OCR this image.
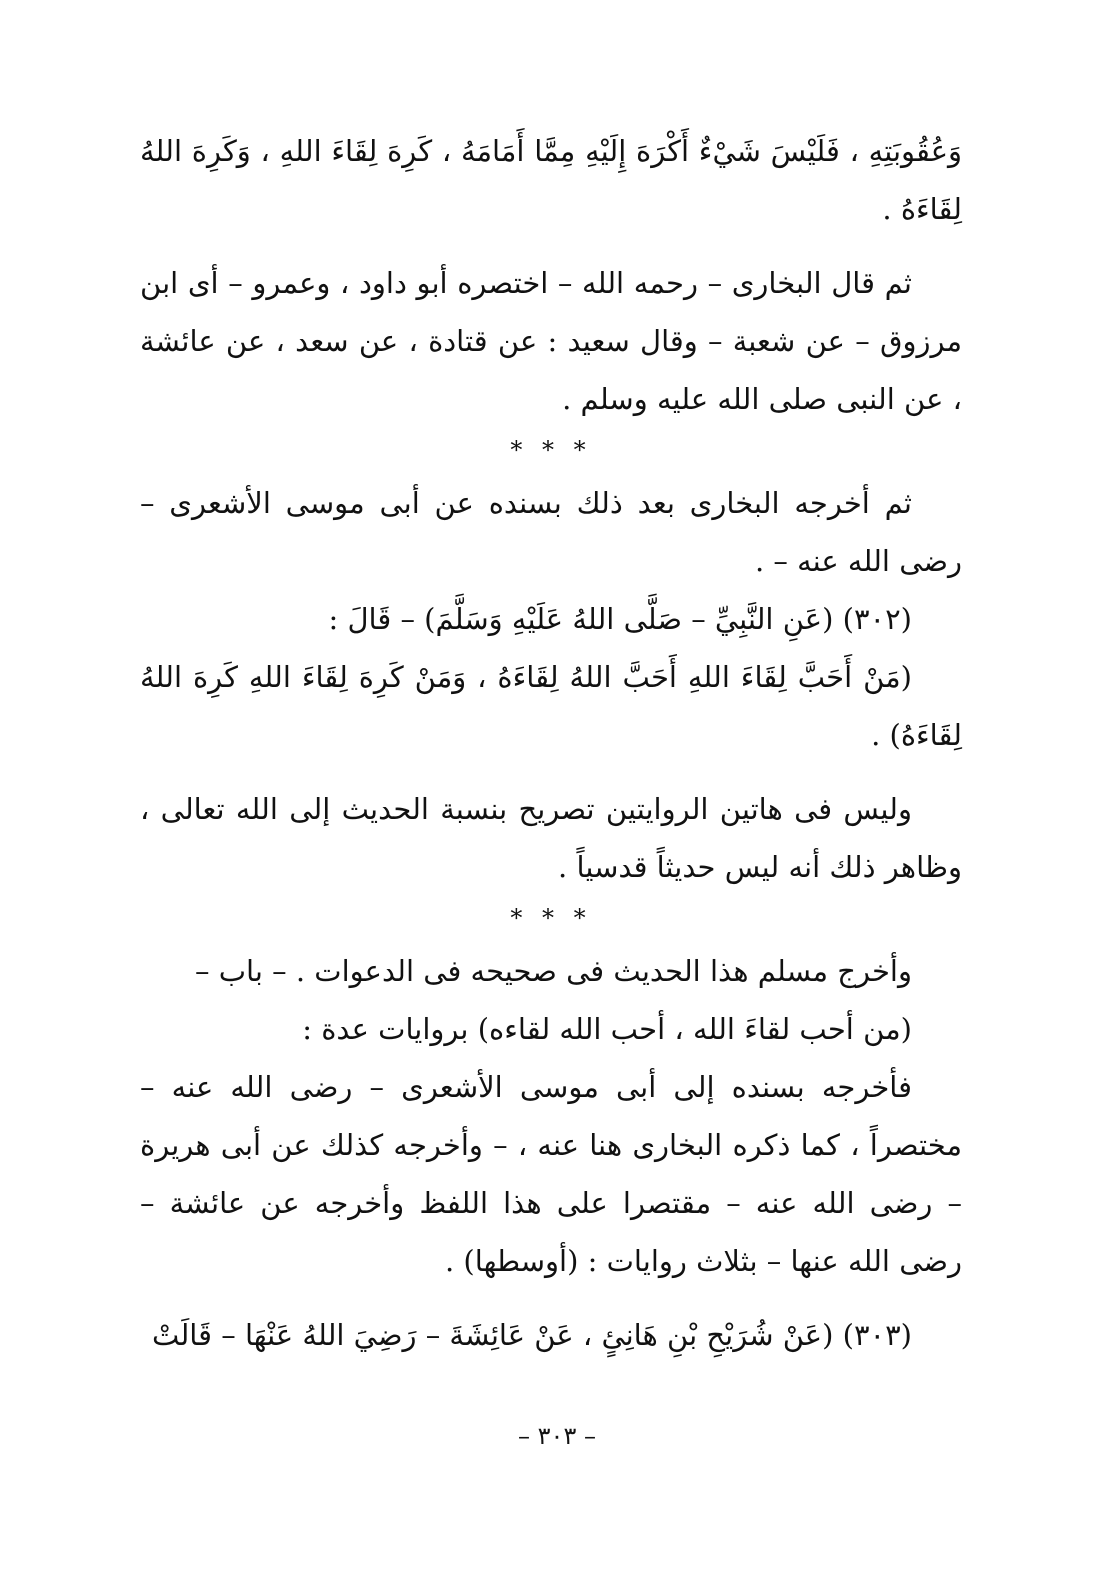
وَعُقُوبَتِهِ ، فَلَيْسَ شَيْءٌ أَكْرَهَ إِلَيْهِ مِمَّا أَمَامَهُ ، كَرِهَ لِقَاءَ اللهِ ، وَكَرِهَ اللهُ لِقَاءَهُ .

ثم قال البخارى – رحمه الله – اختصره أبو داود ، وعمرو – أى ابن مرزوق – عن شعبة – وقال سعيد : عن قتادة ، عن سعد ، عن عائشة ، عن النبى صلى الله عليه وسلم .

* * *

ثم أخرجه البخارى بعد ذلك بسنده عن أبى موسى الأشعرى – رضى الله عنه – .

(٣٠٢) (عَنِ النَّبِيِّ – صَلَّى اللهُ عَلَيْهِ وَسَلَّمَ) – قَالَ :

(مَنْ أَحَبَّ لِقَاءَ اللهِ أَحَبَّ اللهُ لِقَاءَهُ ، وَمَنْ كَرِهَ لِقَاءَ اللهِ كَرِهَ اللهُ لِقَاءَهُ) .

وليس فى هاتين الروايتين تصريح بنسبة الحديث إلى الله تعالى ، وظاهر ذلك أنه ليس حديثاً قدسياً .

* * *

وأخرج مسلم هذا الحديث فى صحيحه فى الدعوات . – باب –

(من أحب لقاءَ الله ، أحب الله لقاءه) بروايات عدة :

فأخرجه بسنده إلى أبى موسى الأشعرى – رضى الله عنه – مختصراً ، كما ذكره البخارى هنا عنه ، – وأخرجه كذلك عن أبى هريرة – رضى الله عنه – مقتصرا على هذا اللفظ وأخرجه عن عائشة – رضى الله عنها – بثلاث روايات : (أوسطها) .

(٣٠٣) (عَنْ شُرَيْحِ بْنِ هَانِئٍ ، عَنْ عَائِشَةَ – رَضِيَ اللهُ عَنْهَا – قَالَتْ

– ٣٠٣ –
